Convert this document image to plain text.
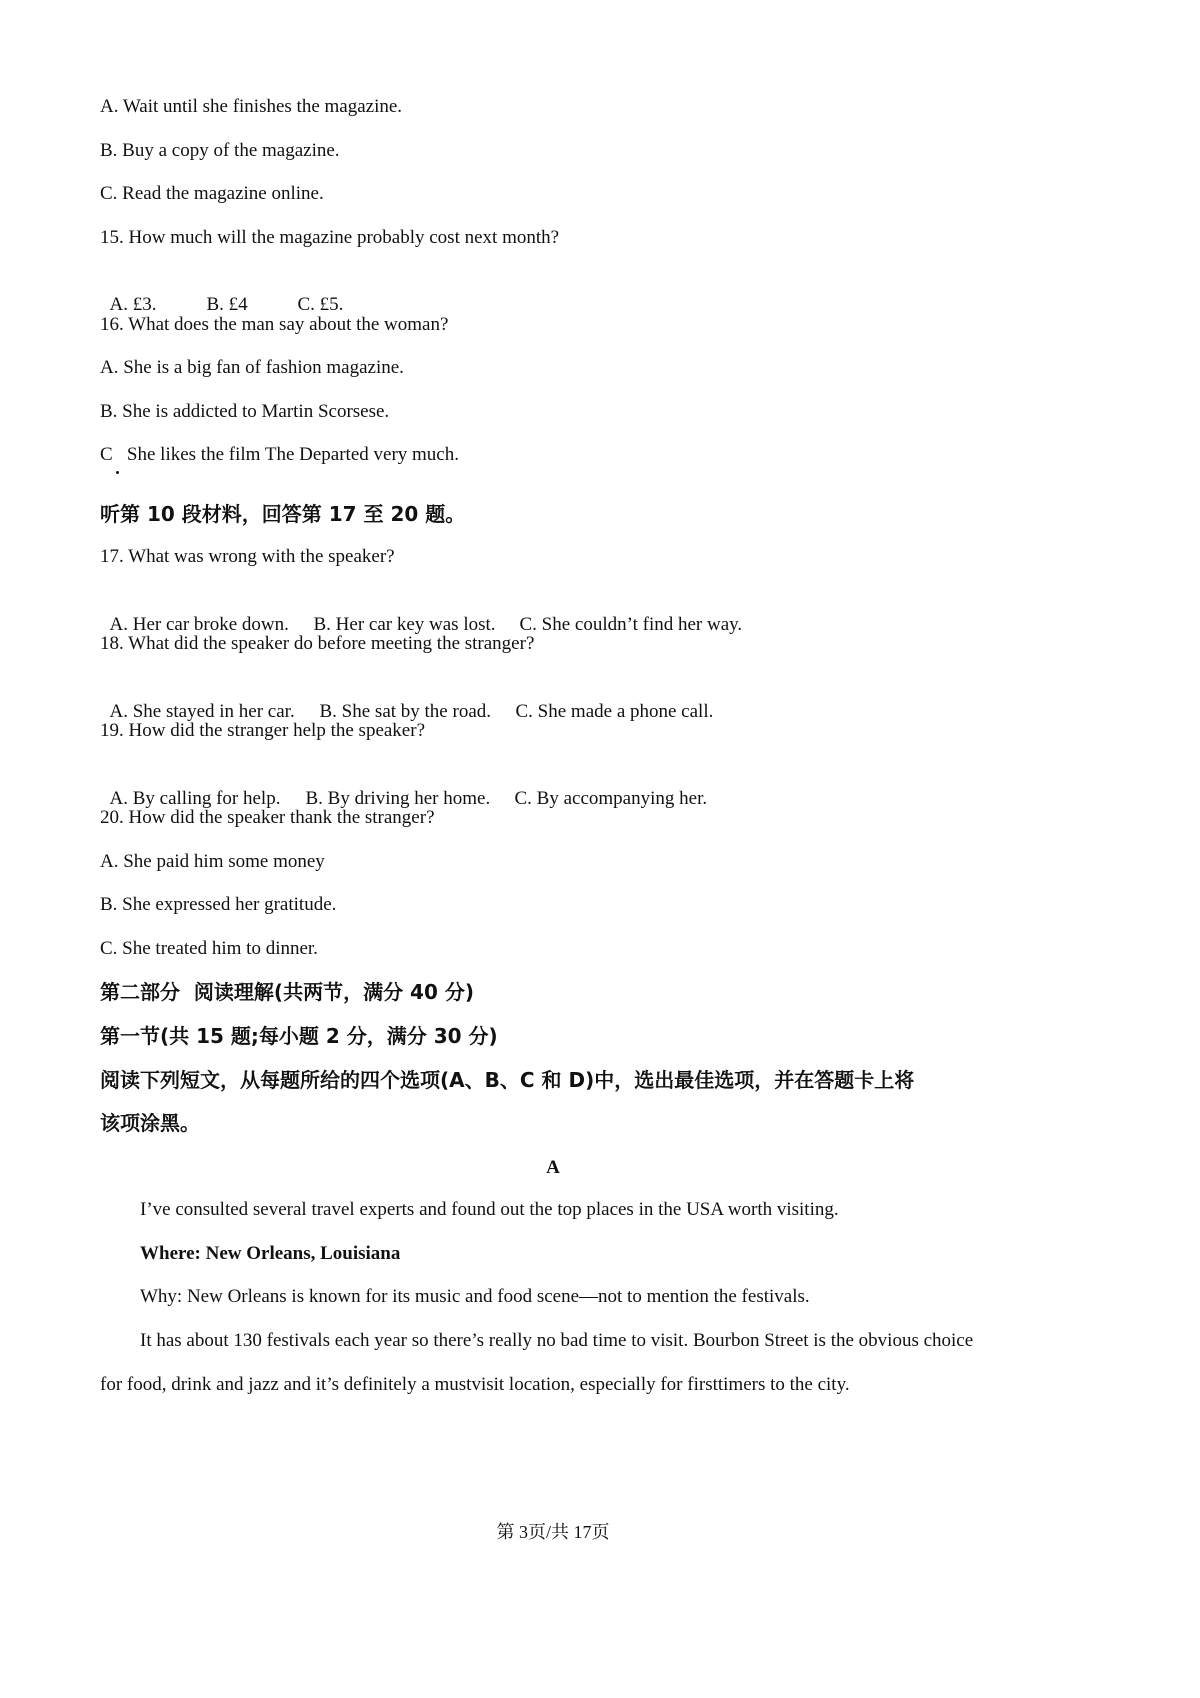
A. Wait until she finishes the magazine.
B. Buy a copy of the magazine.
C. Read the magazine online.
15. How much will the magazine probably cost next month?

A. £3.	B. £4	C. £5.

16. What does the man say about the woman?
A. She is a big fan of fashion magazine.
B. She is addicted to Martin Scorsese.
C   She likes the film The Departed very much.
听第 10 段材料，回答第 17 至 20 题。
17. What was wrong with the speaker?

A. Her car broke down. B. Her car key was lost. C. She couldn’t find her way.

18. What did the speaker do before meeting the stranger?

A. She stayed in her car. B. She sat by the road. C. She made a phone call.

19. How did the stranger help the speaker?

A. By calling for help. B. By driving her home. C. By accompanying her.

20. How did the speaker thank the stranger?
A. She paid him some money
B. She expressed her gratitude.
C. She treated him to dinner.
第二部分  阅读理解(共两节，满分 40 分)
第一节(共 15 题;每小题 2 分，满分 30 分)
阅读下列短文，从每题所给的四个选项(A、B、C 和 D)中，选出最佳选项，并在答题卡上将
该项涂黑。
A
I’ve consulted several travel experts and found out the top places in the USA worth visiting.
Where: New Orleans, Louisiana
Why: New Orleans is known for its music and food scene—not to mention the festivals.
It has about 130 festivals each year so there’s really no bad time to visit. Bourbon Street is the obvious choice
for food, drink and jazz and it’s definitely a mustvisit location, especially for firsttimers to the city.
第 3页/共 17页
